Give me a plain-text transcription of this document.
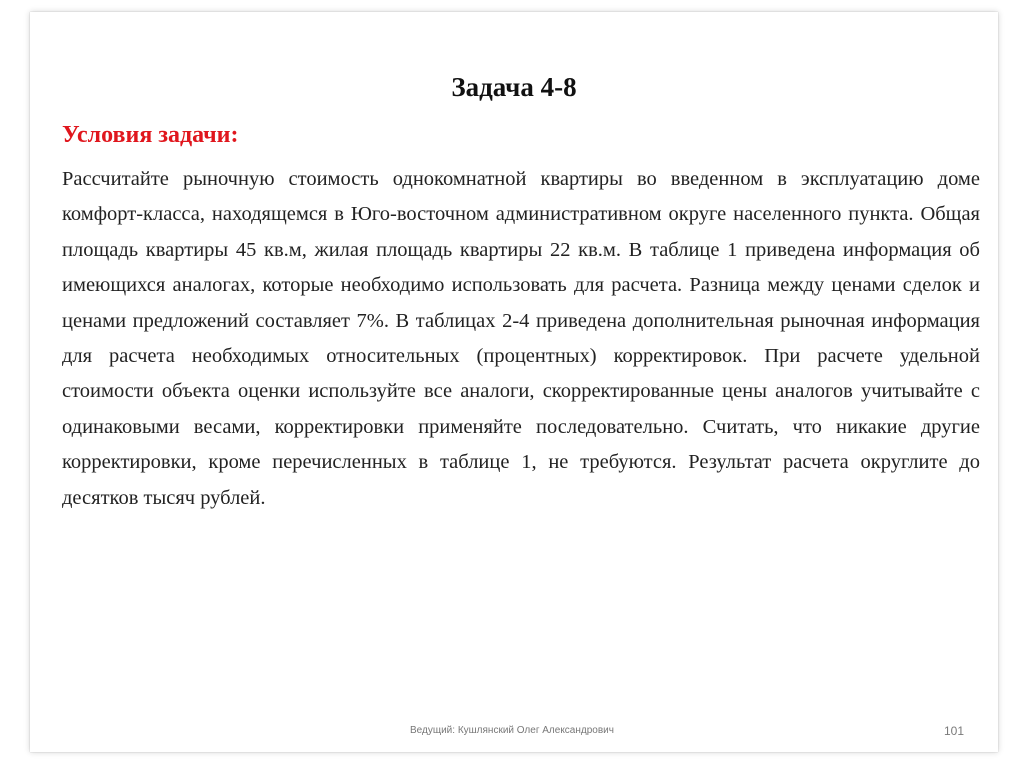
Задача 4-8
Условия задачи:

Рассчитайте рыночную стоимость однокомнатной квартиры во введенном в эксплуатацию доме комфорт-класса, находящемся в Юго-восточном административном округе населенного пункта. Общая площадь квартиры 45 кв.м, жилая площадь квартиры 22 кв.м. В таблице 1 приведена информация об имеющихся аналогах, которые необходимо использовать для расчета. Разница между ценами сделок и ценами предложений составляет 7%. В таблицах 2-4 приведена дополнительная рыночная информация для расчета необходимых относительных (процентных) корректировок. При расчете удельной стоимости объекта оценки используйте все аналоги, скорректированные цены аналогов учитывайте с одинаковыми весами, корректировки применяйте последовательно. Считать, что никакие другие корректировки, кроме перечисленных в таблице 1, не требуются. Результат расчета округлите до десятков тысяч рублей.

Ведущий: Кушлянский Олег Александрович	101
